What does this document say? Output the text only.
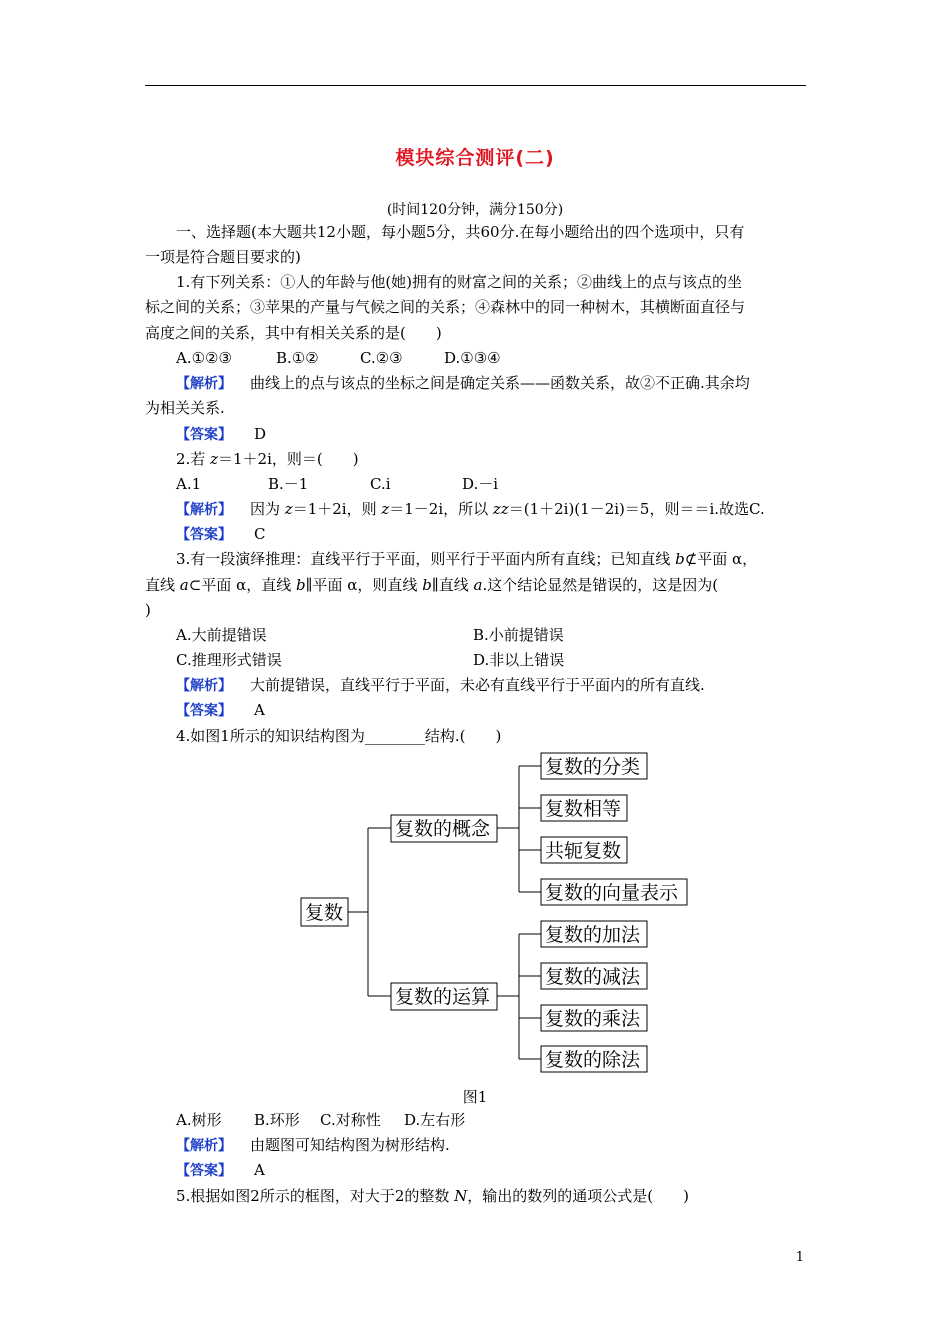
模块综合测评(二)
(时间120分钟，满分150分)
一、选择题(本大题共12小题，每小题5分，共60分.在每小题给出的四个选项中，只有
一项是符合题目要求的)
1.有下列关系：①人的年龄与他(她)拥有的财富之间的关系；②曲线上的点与该点的坐
标之间的关系；③苹果的产量与气候之间的关系；④森林中的同一种树木，其横断面直径与
高度之间的关系，其中有相关关系的是(　　)
A.①②③	B.①②	C.②③	D.①③④
【解析】 曲线上的点与该点的坐标之间是确定关系——函数关系，故②不正确.其余均
为相关关系.
【答案】 D
2.若 z＝1＋2i，则＝(　　)
A.1	B.－1	C.i	D.－i
【解析】 因为 z＝1＋2i，则 z＝1－2i，所以 zz＝(1＋2i)(1－2i)＝5，则＝＝i.故选C.
【答案】 C
3.有一段演绎推理：直线平行于平面，则平行于平面内所有直线；已知直线 b⊄平面 α，
直线 a⊂平面 α，直线 b∥平面 α，则直线 b∥直线 a.这个结论显然是错误的，这是因为(
)
A.大前提错误	B.小前提错误
C.推理形式错误	D.非以上错误
【解析】 大前提错误，直线平行于平面，未必有直线平行于平面内的所有直线.
【答案】 A
4.如图1所示的知识结构图为________结构.(　　)
复数
复数的概念
复数的运算
复数的分类
复数相等
共轭复数
复数的向量表示
复数的加法
复数的减法
复数的乘法
复数的除法
图1
A.树形 B.环形 C.对称性 D.左右形
【解析】 由题图可知结构图为树形结构.
【答案】 A
5.根据如图2所示的框图，对大于2的整数 N，输出的数列的通项公式是(　　)
1
